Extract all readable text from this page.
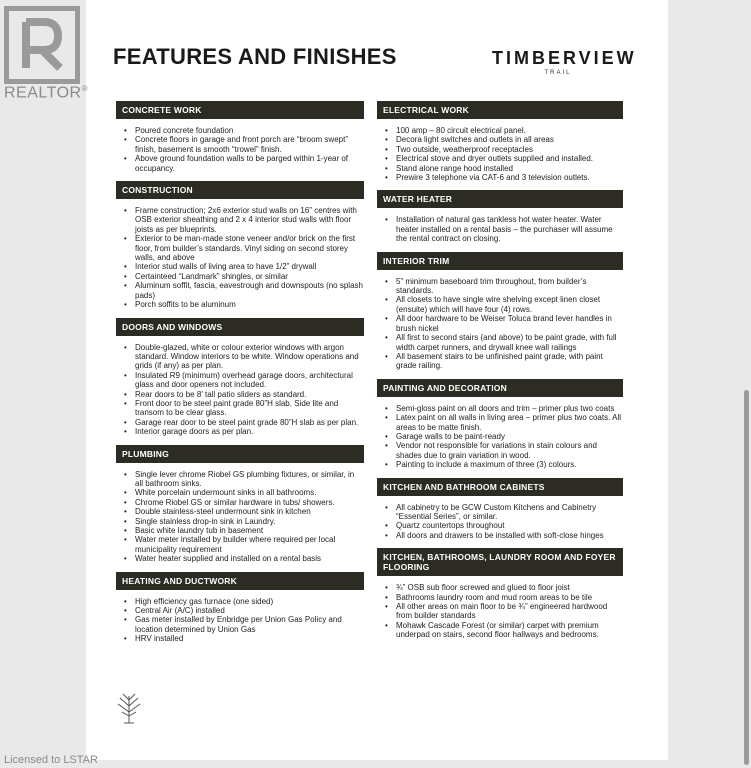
REALTOR®
Licensed to LSTAR
FEATURES AND FINISHES	TIMBERVIEW
TRAIL
CONCRETE WORK
• Poured concrete foundation
• Concrete floors in garage and front porch are “broom swept” finish, basement is smooth “trowel” finish.
• Above ground foundation walls to be parged within 1-year of occupancy.
CONSTRUCTION
• Frame construction; 2x6 exterior stud walls on 16” centres with OSB exterior sheathing and 2 x 4 interior stud walls with floor joists as per blueprints.
• Exterior to be man-made stone veneer and/or brick on the first floor, from builder’s standards. Vinyl siding on second storey walls, and above
• Interior stud walls of living area to have 1/2” drywall
• Certainteed “Landmark” shingles, or similar
• Aluminum soffit, fascia, eavestrough and downspouts (no splash pads)
• Porch soffits to be aluminum
DOORS AND WINDOWS
• Double-glazed, white or colour exterior windows with argon standard. Window interiors to be white. Window operations and grids (if any) as per plan.
• Insulated R9 (minimum) overhead garage doors, architectural glass and door openers not included.
• Rear doors to be 8’ tall patio sliders as standard.
• Front door to be steel paint grade 80”H slab. Side lite and transom to be clear glass.
• Garage rear door to be steel paint grade 80”H slab as per plan.
• Interior garage doors as per plan.
PLUMBING
• Single lever chrome Riobel GS plumbing fixtures, or similar, in all bathroom sinks.
• White porcelain undermount sinks in all bathrooms.
• Chrome Riobel GS or similar hardware in tubs/ showers.
• Double stainless-steel undermount sink in kitchen
• Single stainless drop-in sink in Laundry.
• Basic white laundry tub in basement
• Water meter installed by builder where required per local municipality requirement
• Water heater supplied and installed on a rental basis
HEATING AND DUCTWORK
• High efficiency gas furnace (one sided)
• Central Air (A/C) installed
• Gas meter installed by Enbridge per Union Gas Policy and location determined by Union Gas
• HRV installed
ELECTRICAL WORK
• 100 amp – 80 circuit electrical panel.
• Decora light switches and outlets in all areas
• Two outside, weatherproof receptacles
• Electrical stove and dryer outlets supplied and installed.
• Stand alone range hood installed
• Prewire 3 telephone via CAT-6 and 3 television outlets.
WATER HEATER
• Installation of natural gas tankless hot water heater. Water heater installed on a rental basis – the purchaser will assume the rental contract on closing.
INTERIOR TRIM
• 5” minimum baseboard trim throughout, from builder’s standards.
• All closets to have single wire shelving except linen closet (ensuite) which will have four (4) rows.
• All door hardware to be Weiser Toluca brand lever handles in brush nickel
• All first to second stairs (and above) to be paint grade, with full width carpet runners, and drywall knee wall railings
• All basement stairs to be unfinished paint grade, with paint grade railing.
PAINTING AND DECORATION
• Semi-gloss paint on all doors and trim – primer plus two coats
• Latex paint on all walls in living area – primer plus two coats. All areas to be matte finish.
• Garage walls to be paint-ready
• Vendor not responsible for variations in stain colours and shades due to grain variation in wood.
• Painting to include a maximum of three (3) colours.
KITCHEN AND BATHROOM CABINETS
• All cabinetry to be GCW Custom Kitchens and Cabinetry “Essential Series”, or similar.
• Quartz countertops throughout
• All doors and drawers to be installed with soft-close hinges
KITCHEN, BATHROOMS, LAUNDRY ROOM AND FOYER FLOORING
• ¾” OSB sub floor screwed and glued to floor joist
• Bathrooms laundry room and mud room areas to be tile
• All other areas on main floor to be ¾” engineered hardwood from builder standards
• Mohawk Cascade Forest (or similar) carpet with premium underpad on stairs, second floor hallways and bedrooms.
